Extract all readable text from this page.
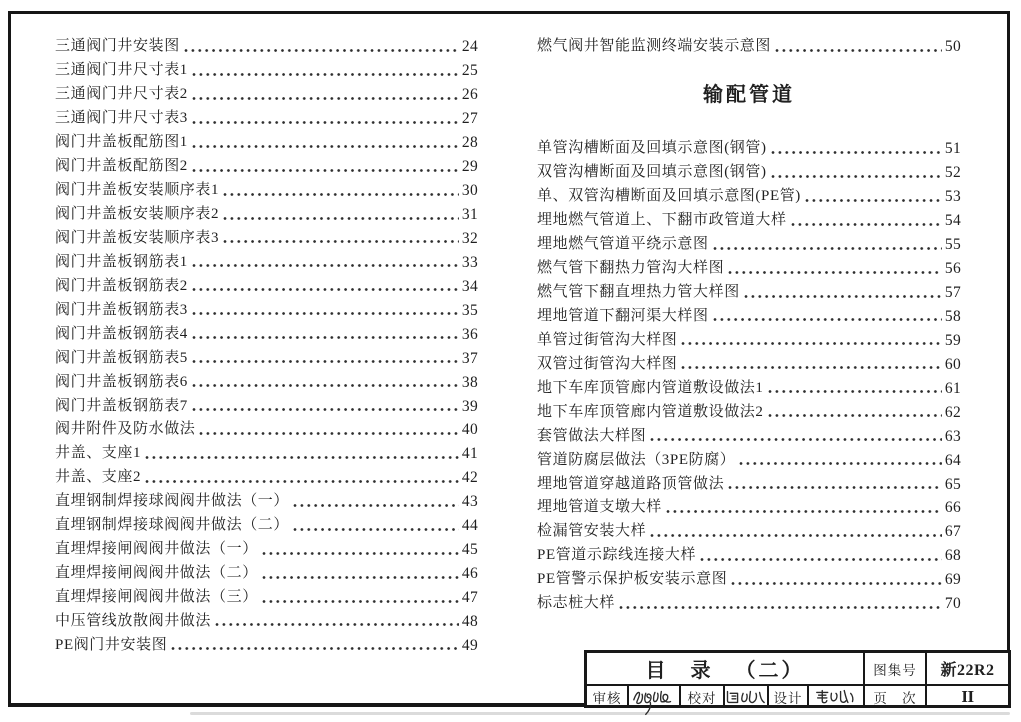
三通阀门井安装图	24
三通阀门井尺寸表1	25
三通阀门井尺寸表2	26
三通阀门井尺寸表3	27
阀门井盖板配筋图1	28
阀门井盖板配筋图2	29
阀门井盖板安装顺序表1	30
阀门井盖板安装顺序表2	31
阀门井盖板安装顺序表3	32
阀门井盖板钢筋表1	33
阀门井盖板钢筋表2	34
阀门井盖板钢筋表3	35
阀门井盖板钢筋表4	36
阀门井盖板钢筋表5	37
阀门井盖板钢筋表6	38
阀门井盖板钢筋表7	39
阀井附件及防水做法	40
井盖、支座1	41
井盖、支座2	42
直埋钢制焊接球阀阀井做法（一）	43
直埋钢制焊接球阀阀井做法（二）	44
直埋焊接闸阀阀井做法（一）	45
直埋焊接闸阀阀井做法（二）	46
直埋焊接闸阀阀井做法（三）	47
中压管线放散阀井做法	48
PE阀门井安装图	49
燃气阀井智能监测终端安装示意图	50
输配管道
单管沟槽断面及回填示意图(钢管)	51
双管沟槽断面及回填示意图(钢管)	52
单、双管沟槽断面及回填示意图(PE管)	53
埋地燃气管道上、下翻市政管道大样	54
埋地燃气管道平绕示意图	55
燃气管下翻热力管沟大样图	56
燃气管下翻直埋热力管大样图	57
埋地管道下翻河渠大样图	58
单管过街管沟大样图	59
双管过街管沟大样图	60
地下车库顶管廊内管道敷设做法1	61
地下车库顶管廊内管道敷设做法2	62
套管做法大样图	63
管道防腐层做法（3PE防腐）	64
埋地管道穿越道路顶管做法	65
埋地管道支墩大样	66
检漏管安装大样	67
PE管道示踪线连接大样	68
PE管警示保护板安装示意图	69
标志桩大样	70
目 录 （二）	图集号	新22R2
审核	校对	设计	页 次	II
